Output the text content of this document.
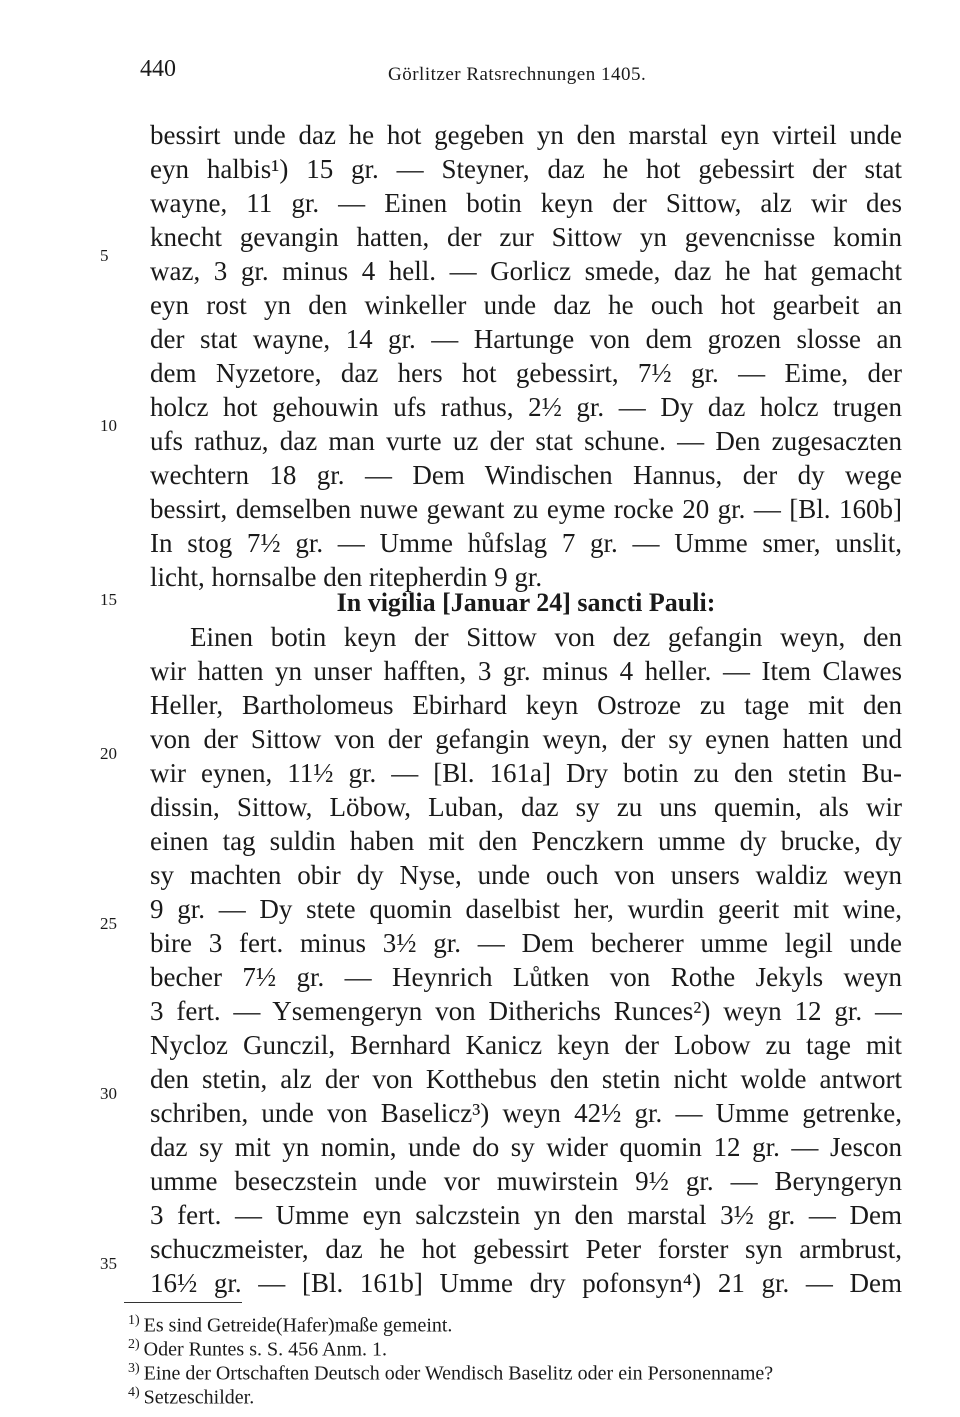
440	Görlitzer Ratsrechnungen 1405.
bessirt unde daz he hot gegeben yn den marstal eyn virteil unde
eyn halbis¹) 15 gr. — Steyner, daz he hot gebessirt der stat
wayne, 11 gr. — Einen botin keyn der Sittow, alz wir des
knecht gevangin hatten, der zur Sittow yn gevencnisse komin
waz, 3 gr. minus 4 hell. — Gorlicz smede, daz he hat gemacht
eyn rost yn den winkeller unde daz he ouch hot gearbeit an
der stat wayne, 14 gr. — Hartunge von dem grozen slosse an
dem Nyzetore, daz hers hot gebessirt, 7½ gr. — Eime, der
holcz hot gehouwin ufs rathus, 2½ gr. — Dy daz holcz trugen
ufs rathuz, daz man vurte uz der stat schune. — Den zugesaczten
wechtern 18 gr. — Dem Windischen Hannus, der dy wege
bessirt, demselben nuwe gewant zu eyme rocke 20 gr. — [Bl. 160b]
In stog 7½ gr. — Umme hůfslag 7 gr. — Umme smer, unslit,
licht, hornsalbe den ritepherdin 9 gr.
5
10
15	In vigilia [Januar 24] sancti Pauli:
Einen botin keyn der Sittow von dez gefangin weyn, den
wir hatten yn unser hafften, 3 gr. minus 4 heller. — Item Clawes
Heller, Bartholomeus Ebirhard keyn Ostroze zu tage mit den
von der Sittow von der gefangin weyn, der sy eynen hatten und
wir eynen, 11½ gr. — [Bl. 161a] Dry botin zu den stetin Bu-
dissin, Sittow, Löbow, Luban, daz sy zu uns quemin, als wir
einen tag suldin haben mit den Penczkern umme dy brucke, dy
sy machten obir dy Nyse, unde ouch von unsers waldiz weyn
9 gr. — Dy stete quomin daselbist her, wurdin geerit mit wine,
bire 3 fert. minus 3½ gr. — Dem becherer umme legil unde
becher 7½ gr. — Heynrich Lůtken von Rothe Jekyls weyn
3 fert. — Ysemengeryn von Ditherichs Runces²) weyn 12 gr. —
Nycloz Gunczil, Bernhard Kanicz keyn der Lobow zu tage mit
den stetin, alz der von Kotthebus den stetin nicht wolde antwort
schriben, unde von Baselicz³) weyn 42½ gr. — Umme getrenke,
daz sy mit yn nomin, unde do sy wider quomin 12 gr. — Jescon
umme beseczstein unde vor muwirstein 9½ gr. — Beryngeryn
3 fert. — Umme eyn salczstein yn den marstal 3½ gr. — Dem
schuczmeister, daz he hot gebessirt Peter forster syn armbrust,
16½ gr. — [Bl. 161b] Umme dry pofonsyn⁴) 21 gr. — Dem
20
25
30
35
$^{1)}$ Es sind Getreide(Hafer)maße gemeint.
$^{2)}$ Oder Runtes s. S. 456 Anm. 1.
$^{3)}$ Eine der Ortschaften Deutsch oder Wendisch Baselitz oder ein Personenname?
$^{4)}$ Setzeschilder.
